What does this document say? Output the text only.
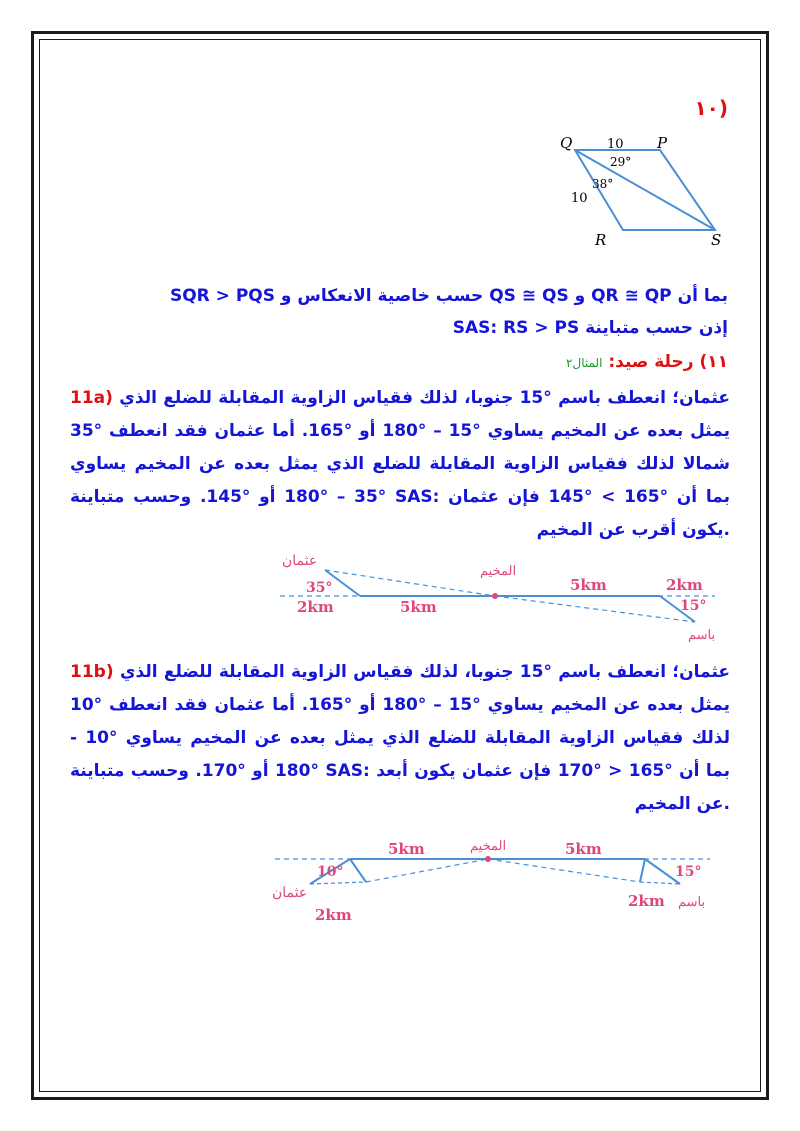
(١٠
Q	P
R	S
10
10
29°
38°
بما أن QR ≅ QP و QS ≅ QS حسب خاصية الانعكاس و SQR > PQS
إذن حسب متباينة SAS: RS > PS
١١) رحلة صيد: المثال٢
11a) عثمان؛ انعطف باسم °15 جنوبا، لذلك فقياس الزاوية المقابلة للضلع الذي يمثل بعده عن المخيم يساوي °15 – °180 أو °165. أما عثمان فقد انعطف °35 شمالا لذلك فقياس الزاوية المقابلة للضلع الذي يمثل بعده عن المخيم يساوي °35 – °180 أو °145. وحسب متباينة SAS: بما أن °165 > °145 فإن عثمان يكون أقرب عن المخيم.
عثمان
المخيم
باسم
35°
15°
2km	5km
5km	2km
11b) عثمان؛ انعطف باسم °15 جنوبا، لذلك فقياس الزاوية المقابلة للضلع الذي يمثل بعده عن المخيم يساوي °15 – °180 أو °165. أما عثمان فقد انعطف °10 لذلك فقياس الزاوية المقابلة للضلع الذي يمثل بعده عن المخيم يساوي °10 - °180 أو °170. وحسب متباينة SAS: بما أن °165 < °170 فإن عثمان يكون أبعد عن المخيم.
المخيم
عثمان
باسم
10°	15°
5km	5km
2km
2km
